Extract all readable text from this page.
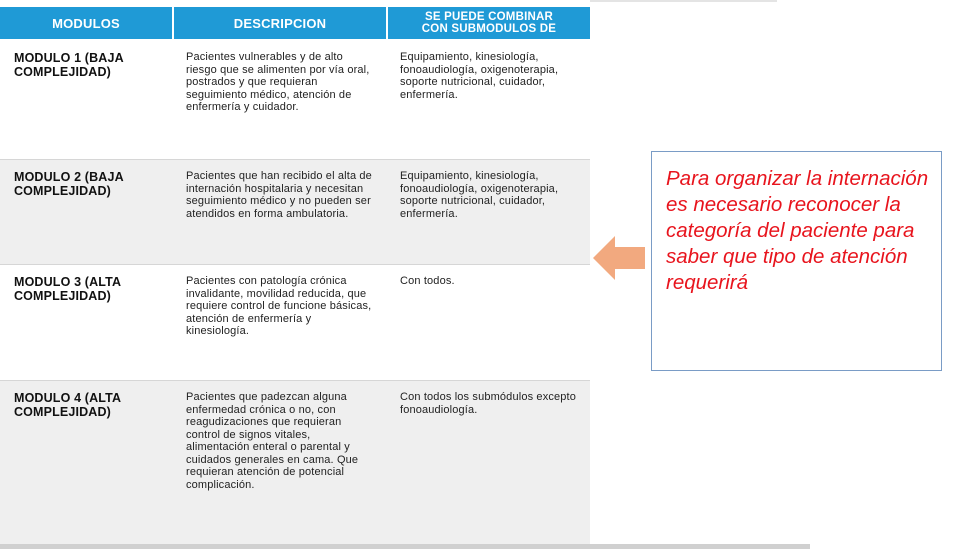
MODULOS	DESCRIPCION	SE PUEDE COMBINAR
CON SUBMODULOS DE
MODULO 1 (BAJA COMPLEJIDAD)
Pacientes vulnerables y de alto riesgo que se alimenten por vía oral, postrados y que requieran seguimiento médico, atención de enfermería y cuidador.
Equipamiento, kinesiología, fonoaudiología, oxigenoterapia, soporte nutricional, cuidador, enfermería.
MODULO 2 (BAJA COMPLEJIDAD)
Pacientes que han recibido el alta de internación hospitalaria y necesitan seguimiento médico y no pueden ser atendidos en forma ambulatoria.
Equipamiento, kinesiología, fonoaudiología, oxigenoterapia, soporte nutricional, cuidador, enfermería.
MODULO 3 (ALTA COMPLEJIDAD)
Pacientes con patología crónica invalidante, movilidad reducida, que requiere control de funcione básicas, atención de enfermería y kinesiología.
Con todos.
MODULO 4 (ALTA COMPLEJIDAD)
Pacientes que padezcan alguna enfermedad crónica o no, con reagudizaciones que requieran control de signos vitales, alimentación enteral o parental y cuidados generales en cama. Que requieran atención de potencial complicación.
Con todos los submódulos excepto fonoaudiología.
Para organizar la internación es necesario reconocer la categoría del paciente para saber que tipo de atención requerirá
